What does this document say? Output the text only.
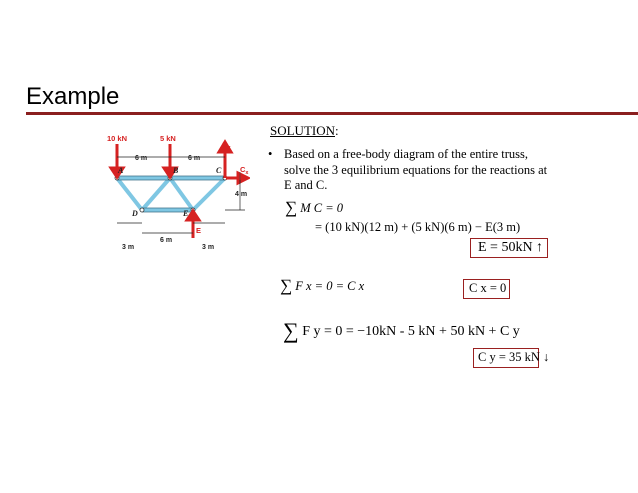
Example
10 kN	5 kN
$C_y$
$C_x$
E
A	B	C
D	E
6 m	6 m
4 m
3 m
6 m
3 m
SOLUTION:
• Based on a free-body diagram of the entire truss, solve the 3 equilibrium equations for the reactions at E and C.
∑ M C = 0
= (10 kN)(12 m) + (5 kN)(6 m) − E(3 m)
E = 50kN ↑
∑ F x = 0 = C x	C x = 0
∑ F y = 0 = −10kN - 5 kN + 50 kN + C y
C y = 35 kN ↓
